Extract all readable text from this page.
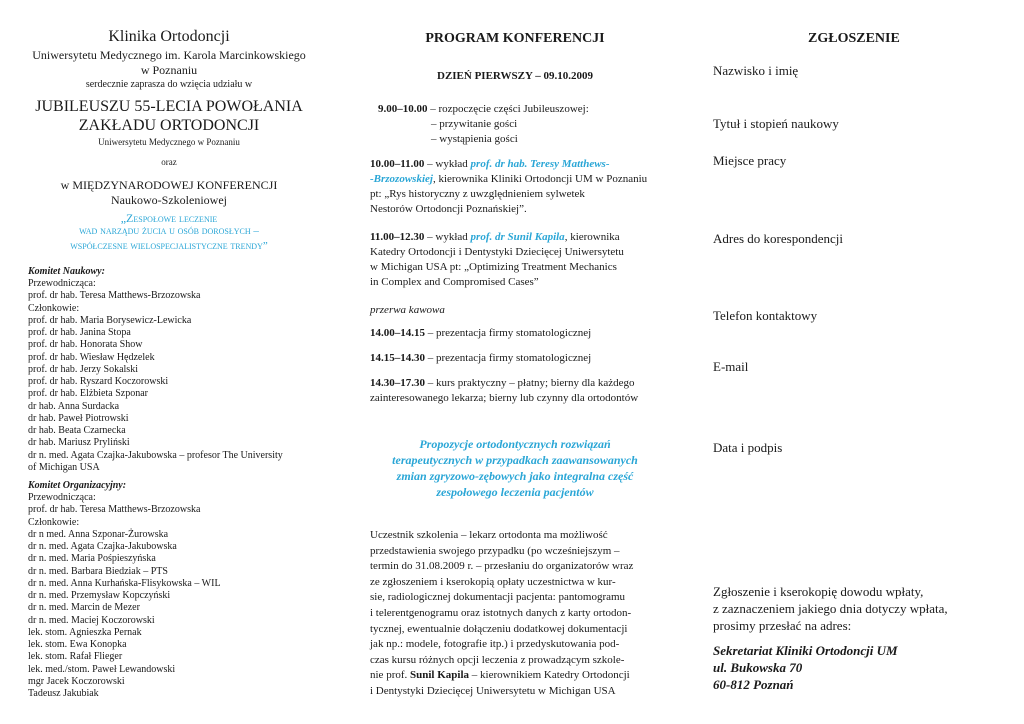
Klinika Ortodoncji
Uniwersytetu Medycznego im. Karola Marcinkowskiego
w Poznaniu
serdecznie zaprasza do wzięcia udziału w
JUBILEUSZU 55-LECIA POWOŁANIA
ZAKŁADU ORTODONCJI
Uniwersytetu Medycznego w Poznaniu
oraz
w MIĘDZYNARODOWEJ KONFERENCJI
Naukowo-Szkoleniowej
„Zespołowe leczenie
wad narządu żucia u osób dorosłych –
współczesne wielospecjalistyczne trendy”
Komitet Naukowy:
Przewodnicząca:
prof. dr hab. Teresa Matthews-Brzozowska
Członkowie:
prof. dr hab. Maria Borysewicz-Lewicka
prof. dr hab. Janina Stopa
prof. dr hab. Honorata Show
prof. dr hab. Wiesław Hędzelek
prof. dr hab. Jerzy Sokalski
prof. dr hab. Ryszard Koczorowski
prof. dr hab. Elżbieta Szponar
dr hab. Anna Surdacka
dr hab. Paweł Piotrowski
dr hab. Beata Czarnecka
dr hab. Mariusz Pryliński
dr n. med. Agata Czajka-Jakubowska – profesor The University
of Michigan USA
Komitet Organizacyjny:
Przewodnicząca:
prof. dr hab. Teresa Matthews-Brzozowska
Członkowie:
dr n med. Anna Szponar-Żurowska
dr n. med. Agata Czajka-Jakubowska
dr n. med. Maria Pośpieszyńska
dr n. med. Barbara Biedziak – PTS
dr n. med. Anna Kurhańska-Flisykowska – WIL
dr n. med. Przemysław Kopczyński
dr n. med. Marcin de Mezer
dr n. med. Maciej Koczorowski
lek. stom. Agnieszka Pernak
lek. stom. Ewa Konopka
lek. stom. Rafał Flieger
lek. med./stom. Paweł Lewandowski
mgr Jacek Koczorowski
Tadeusz Jakubiak
PROGRAM KONFERENCJI
DZIEŃ PIERWSZY – 09.10.2009
9.00–10.00 – rozpoczęcie części Jubileuszowej:
– przywitanie gości
– wystąpienia gości
10.00–11.00 – wykład prof. dr hab. Teresy Matthews-
-Brzozowskiej, kierownika Kliniki Ortodoncji UM w Poznaniu
pt: „Rys historyczny z uwzględnieniem sylwetek
Nestorów Ortodoncji Poznańskiej”.
11.00–12.30 – wykład prof. dr Sunil Kapila, kierownika
Katedry Ortodoncji i Dentystyki Dziecięcej Uniwersytetu
w Michigan USA pt: „Optimizing Treatment Mechanics
in Complex and Compromised Cases”
przerwa kawowa
14.00–14.15 – prezentacja firmy stomatologicznej
14.15–14.30 – prezentacja firmy stomatologicznej
14.30–17.30 – kurs praktyczny – płatny; bierny dla każdego
zainteresowanego lekarza; bierny lub czynny dla ortodontów
Propozycje ortodontycznych rozwiązań
terapeutycznych w przypadkach zaawansowanych
zmian zgryzowo-zębowych jako integralna część
zespołowego leczenia pacjentów
Uczestnik szkolenia – lekarz ortodonta ma możliwość
przedstawienia swojego przypadku (po wcześniejszym –
termin do 31.08.2009 r. – przesłaniu do organizatorów wraz
ze zgłoszeniem i kserokopią opłaty uczestnictwa w kur-
sie, radiologicznej dokumentacji pacjenta: pantomogramu
i telerentgenogramu oraz istotnych danych z karty ortodon-
tycznej, ewentualnie dołączeniu dodatkowej dokumentacji
jak np.: modele, fotografie itp.) i przedyskutowania pod-
czas kursu różnych opcji leczenia z prowadzącym szkole-
nie prof. Sunil Kapila – kierownikiem Katedry Ortodoncji
i Dentystyki Dziecięcej Uniwersytetu w Michigan USA
ZGŁOSZENIE
Nazwisko i imię
Tytuł i stopień naukowy
Miejsce pracy
Adres do korespondencji
Telefon kontaktowy
E-mail
Data i podpis
Zgłoszenie i kserokopię dowodu wpłaty,
z zaznaczeniem jakiego dnia dotyczy wpłata,
prosimy przesłać na adres:
Sekretariat Kliniki Ortodoncji UM
ul. Bukowska 70
60-812 Poznań
